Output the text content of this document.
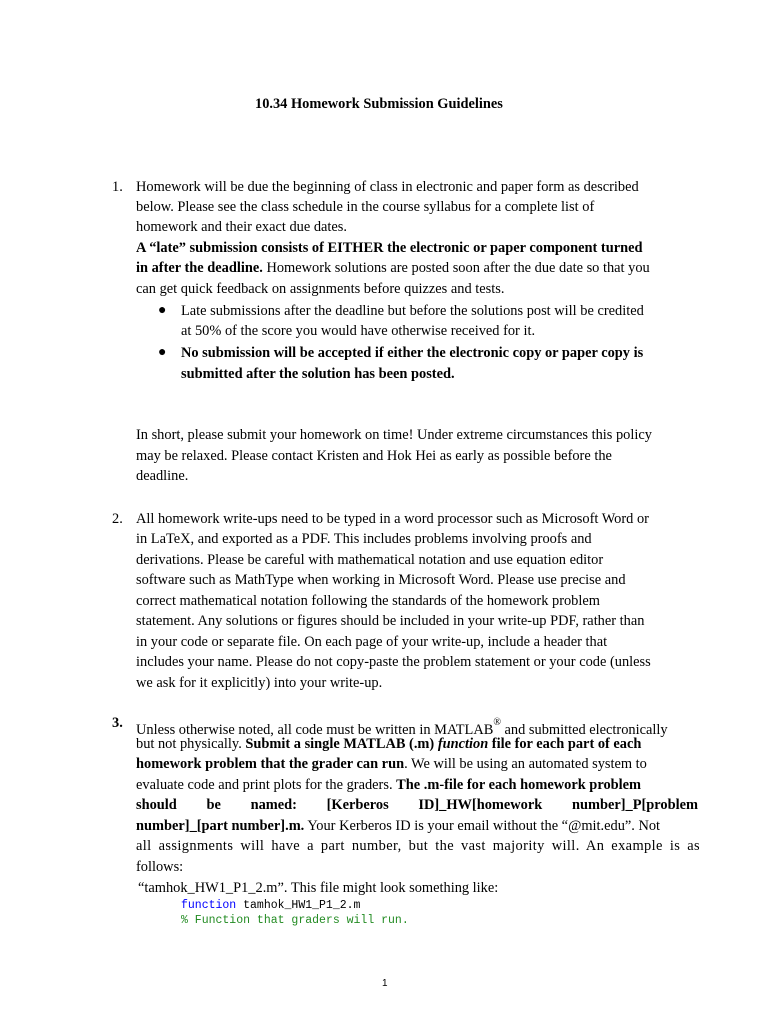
10.34 Homework Submission Guidelines
1. Homework will be due the beginning of class in electronic and paper form as described
below. Please see the class schedule in the course syllabus for a complete list of
homework and their exact due dates.
A “late” submission consists of EITHER the electronic or paper component turned
in after the deadline. Homework solutions are posted soon after the due date so that you
can get quick feedback on assignments before quizzes and tests.
● Late submissions after the deadline but before the solutions post will be credited
at 50% of the score you would have otherwise received for it.
● No submission will be accepted if either the electronic copy or paper copy is
submitted after the solution has been posted.
In short, please submit your homework on time! Under extreme circumstances this policy
may be relaxed. Please contact Kristen and Hok Hei as early as possible before the
deadline.
2. All homework write-ups need to be typed in a word processor such as Microsoft Word or
in LaTeX, and exported as a PDF. This includes problems involving proofs and
derivations. Please be careful with mathematical notation and use equation editor
software such as MathType when working in Microsoft Word. Please use precise and
correct mathematical notation following the standards of the homework problem
statement. Any solutions or figures should be included in your write-up PDF, rather than
in your code or separate file. On each page of your write-up, include a header that
includes your name. Please do not copy-paste the problem statement or your code (unless
we ask for it explicitly) into your write-up.
3. Unless otherwise noted, all code must be written in MATLAB® and submitted electronically
but not physically. Submit a single MATLAB (.m) function file for each part of each
homework problem that the grader can run. We will be using an automated system to
evaluate code and print plots for the graders. The .m-file for each homework problem
should be named: [Kerberos ID]_HW[homework number]_P[problem
number]_[part number].m. Your Kerberos ID is your email without the “@mit.edu”. Not
all assignments will have a part number, but the vast majority will. An example is as
follows:
“tamhok_HW1_P1_2.m”. This file might look something like:
function tamhok_HW1_P1_2.m
% Function that graders will run.
1
